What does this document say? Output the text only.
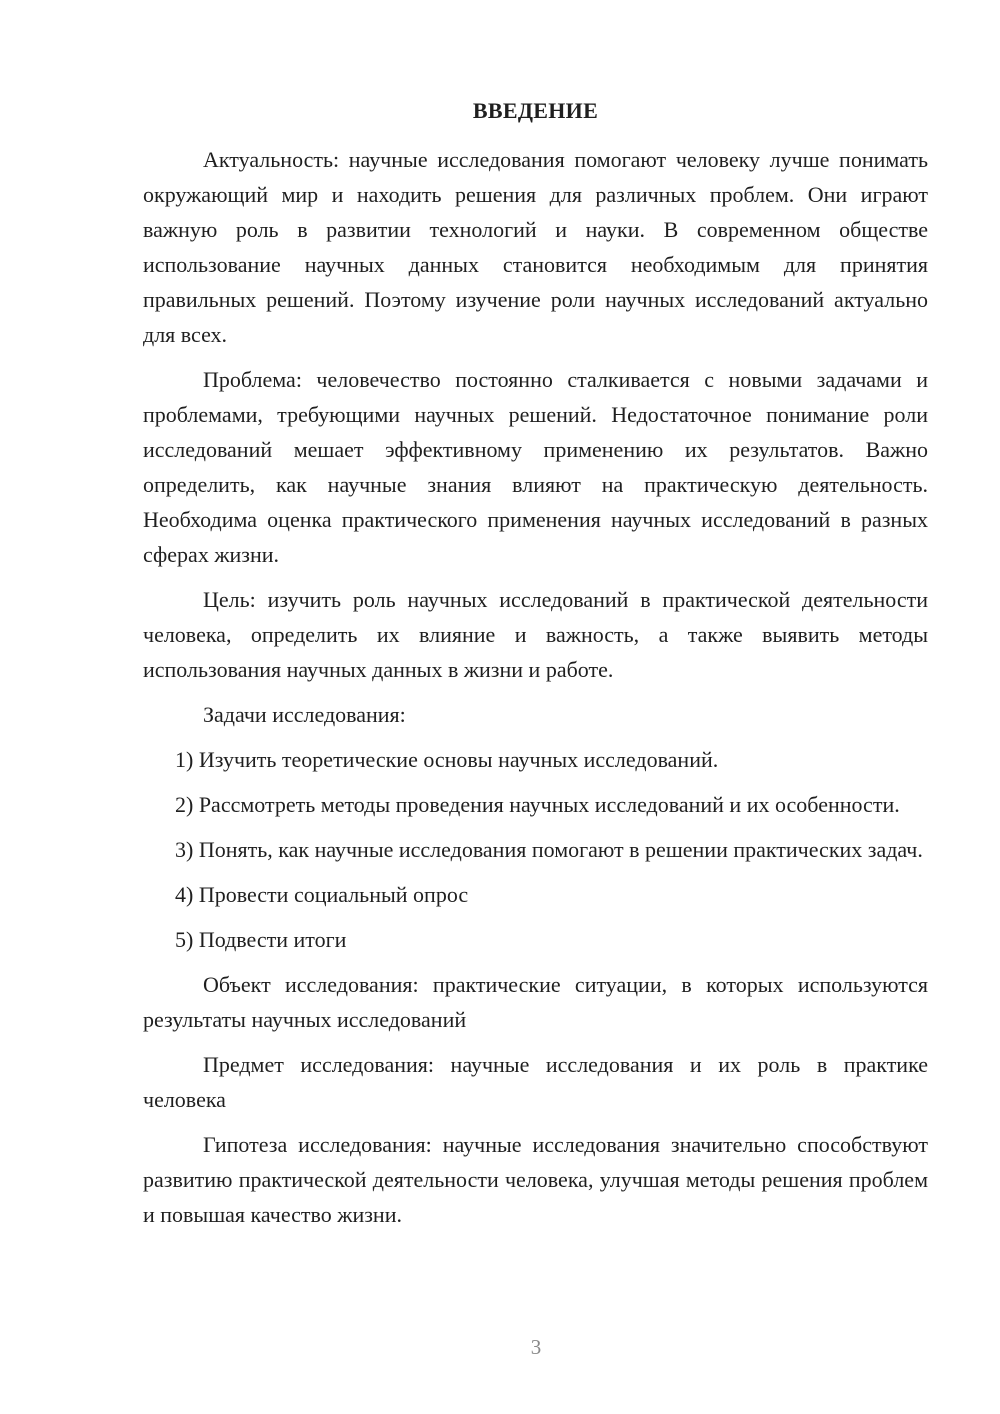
ВВЕДЕНИЕ

Актуальность: научные исследования помогают человеку лучше понимать окружающий мир и находить решения для различных проблем. Они играют важную роль в развитии технологий и науки. В современном обществе использование научных данных становится необходимым для принятия правильных решений. Поэтому изучение роли научных исследований актуально для всех.

Проблема: человечество постоянно сталкивается с новыми задачами и проблемами, требующими научных решений. Недостаточное понимание роли исследований мешает эффективному применению их результатов. Важно определить, как научные знания влияют на практическую деятельность. Необходима оценка практического применения научных исследований в разных сферах жизни.

Цель: изучить роль научных исследований в практической деятельности человека, определить их влияние и важность, а также выявить методы использования научных данных в жизни и работе.

Задачи исследования:

1) Изучить теоретические основы научных исследований.

2) Рассмотреть методы проведения научных исследований и их особенности.

3) Понять, как научные исследования помогают в решении практических задач.

4) Провести социальный опрос

5) Подвести итоги

Объект исследования: практические ситуации, в которых используются результаты научных исследований

Предмет исследования: научные исследования и их роль в практике человека

Гипотеза исследования: научные исследования значительно способствуют развитию практической деятельности человека, улучшая методы решения проблем и повышая качество жизни.

3
